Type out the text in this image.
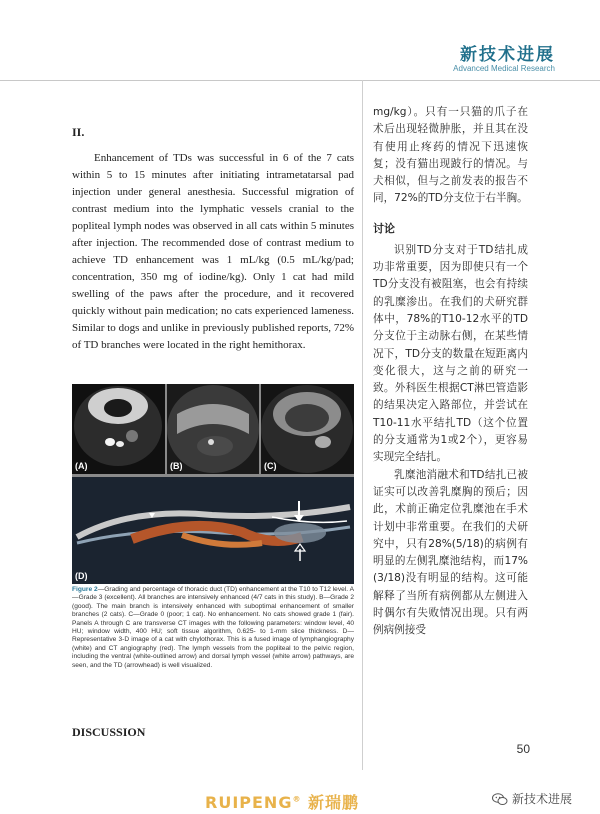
新技术进展
Advanced Medical Research

II.

Enhancement of TDs was successful in 6 of the 7 cats within 5 to 15 minutes after initiating intrametatarsal pad injection under general anesthesia. Successful migration of contrast medium into the lymphatic vessels cranial to the popliteal lymph nodes was observed in all cats within 5 minutes after injection. The recommended dose of contrast medium to achieve TD enhancement was 1 mL/kg (0.5 mL/kg/pad; concentration, 350 mg of iodine/kg). Only 1 cat had mild swelling of the paws after the procedure, and it recovered quickly without pain medication; no cats experienced lameness. Similar to dogs and unlike in previously published reports, 72% of TD branches were located in the right hemithorax.

(A)	(B)	(C)
(D)
Figure 2—Grading and percentage of thoracic duct (TD) enhancement at the T10 to T12 level. A—Grade 3 (excellent). All branches are intensively enhanced (4/7 cats in this study). B—Grade 2 (good). The main branch is intensively enhanced with suboptimal enhancement of smaller branches (2 cats). C—Grade 0 (poor; 1 cat). No enhancement. No cats showed grade 1 (fair). Panels A through C are transverse CT images with the following parameters: window level, 40 HU; window width, 400 HU; soft tissue algorithm, 0.625- to 1-mm slice thickness. D—Representative 3-D image of a cat with chylothorax. This is a fused image of lymphangiography (white) and CT angiography (red). The lymph vessels from the popliteal to the pelvic region, including the ventral (white-outlined arrow) and dorsal lymph vessel (white arrow) pathways, are seen, and the TD (arrowhead) is well visualized.

DISCUSSION

mg/kg）。只有一只猫的爪子在术后出现轻微肿胀，并且其在没有使用止疼药的情况下迅速恢复；没有猫出现跛行的情况。与犬相似，但与之前发表的报告不同，72%的TD分支位于右半胸。

讨论

识别TD分支对于TD结扎成功非常重要，因为即使只有一个TD分支没有被阻塞，也会有持续的乳糜渗出。在我们的犬研究群体中，78%的T10-12水平的TD分支位于主动脉右侧，在某些情况下，TD分支的数量在短距离内变化很大，这与之前的研究一致。外科医生根据CT淋巴管造影的结果决定入路部位，并尝试在T10-11水平结扎TD（这个位置的分支通常为1或2个），更容易实现完全结扎。

乳糜池消融术和TD结扎已被证实可以改善乳糜胸的预后；因此，术前正确定位乳糜池在手术计划中非常重要。在我们的犬研究中，只有28%(5/18)的病例有明显的左侧乳糜池结构，而17%(3/18)没有明显的结构。这可能解释了当所有病例都从左侧进入时偶尔有失败情况出现。只有两例病例接受

50
RUIPENG® 新瑞鹏	新技术进展
